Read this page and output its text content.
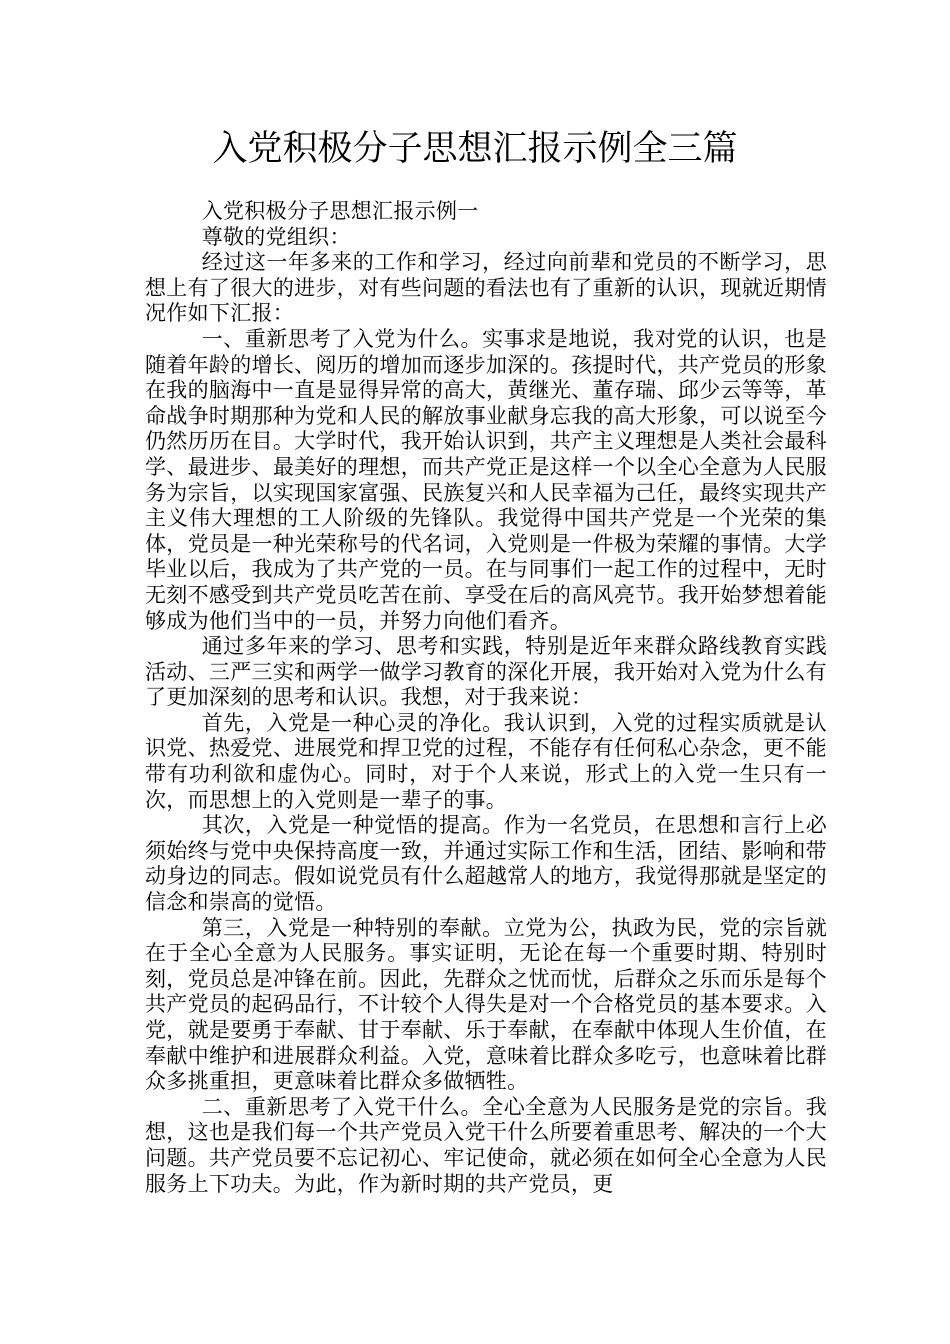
入党积极分子思想汇报示例全三篇

入党积极分子思想汇报示例一

尊敬的党组织：

经过这一年多来的工作和学习，经过向前辈和党员的不断学习，思想上有了很大的进步，对有些问题的看法也有了重新的认识，现就近期情况作如下汇报：

一、重新思考了入党为什么。实事求是地说，我对党的认识，也是随着年龄的增长、阅历的增加而逐步加深的。孩提时代，共产党员的形象在我的脑海中一直是显得异常的高大，黄继光、董存瑞、邱少云等等，革命战争时期那种为党和人民的解放事业献身忘我的高大形象，可以说至今仍然历历在目。大学时代，我开始认识到，共产主义理想是人类社会最科学、最进步、最美好的理想，而共产党正是这样一个以全心全意为人民服务为宗旨，以实现国家富强、民族复兴和人民幸福为己任，最终实现共产主义伟大理想的工人阶级的先锋队。我觉得中国共产党是一个光荣的集体，党员是一种光荣称号的代名词，入党则是一件极为荣耀的事情。大学毕业以后，我成为了共产党的一员。在与同事们一起工作的过程中，无时无刻不感受到共产党员吃苦在前、享受在后的高风亮节。我开始梦想着能够成为他们当中的一员，并努力向他们看齐。

通过多年来的学习、思考和实践，特别是近年来群众路线教育实践活动、三严三实和两学一做学习教育的深化开展，我开始对入党为什么有了更加深刻的思考和认识。我想，对于我来说：

首先，入党是一种心灵的净化。我认识到，入党的过程实质就是认识党、热爱党、进展党和捍卫党的过程，不能存有任何私心杂念，更不能带有功利欲和虚伪心。同时，对于个人来说，形式上的入党一生只有一次，而思想上的入党则是一辈子的事。

其次，入党是一种觉悟的提高。作为一名党员，在思想和言行上必须始终与党中央保持高度一致，并通过实际工作和生活，团结、影响和带动身边的同志。假如说党员有什么超越常人的地方，我觉得那就是坚定的信念和崇高的觉悟。

第三，入党是一种特别的奉献。立党为公，执政为民，党的宗旨就在于全心全意为人民服务。事实证明，无论在每一个重要时期、特别时刻，党员总是冲锋在前。因此，先群众之忧而忧，后群众之乐而乐是每个共产党员的起码品行，不计较个人得失是对一个合格党员的基本要求。入党，就是要勇于奉献、甘于奉献、乐于奉献，在奉献中体现人生价值，在奉献中维护和进展群众利益。入党，意味着比群众多吃亏，也意味着比群众多挑重担，更意味着比群众多做牺牲。

二、重新思考了入党干什么。全心全意为人民服务是党的宗旨。我想，这也是我们每一个共产党员入党干什么所要着重思考、解决的一个大问题。共产党员要不忘记初心、牢记使命，就必须在如何全心全意为人民服务上下功夫。为此，作为新时期的共产党员，更
